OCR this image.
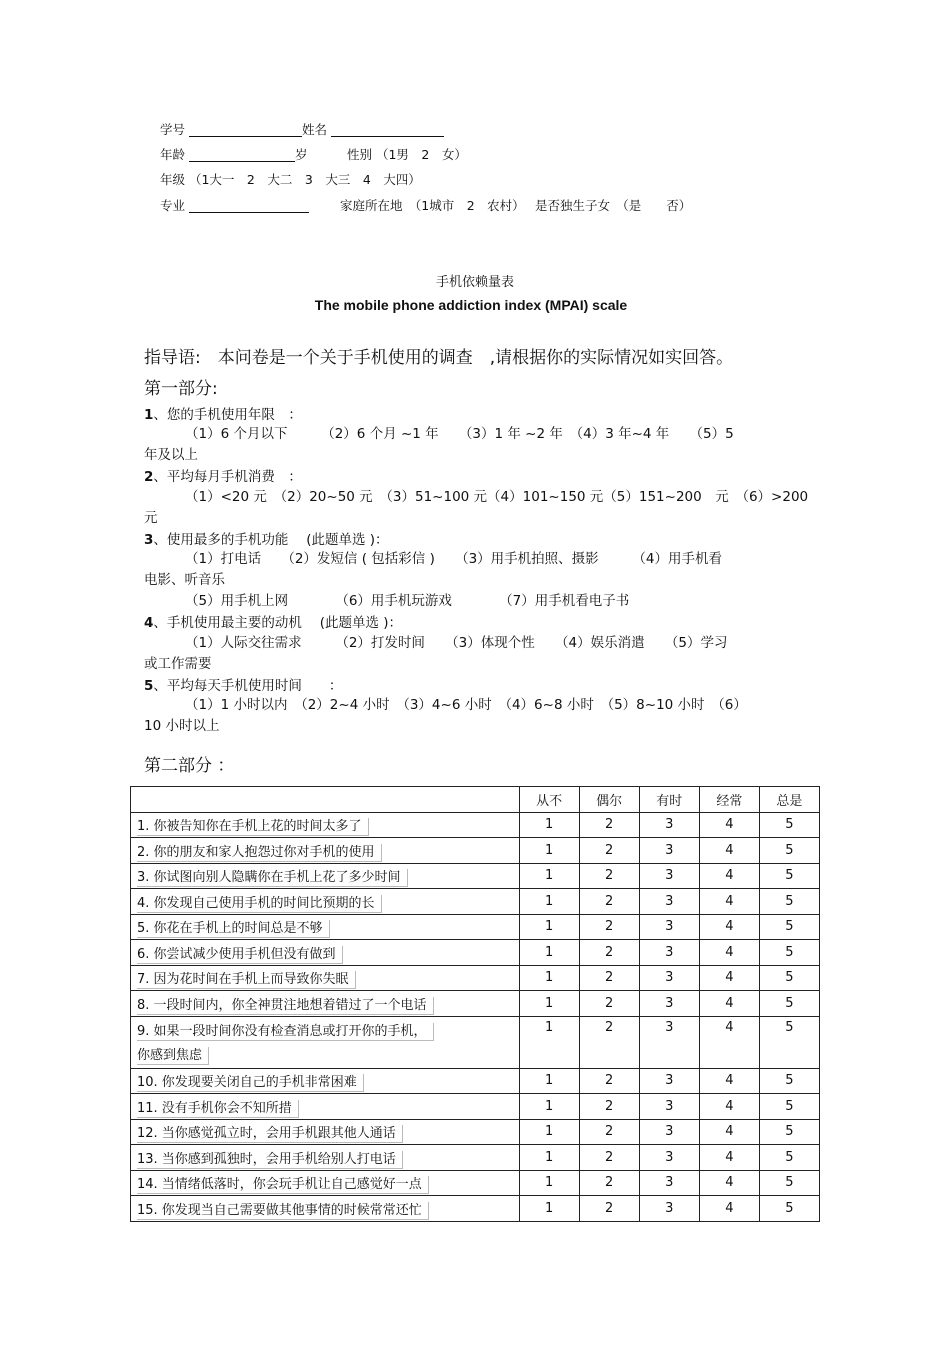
学号	姓名
年龄	岁	性别 （1男　2　女）
年级 （1大一　2　大二　3　大三　4　大四）
专业	家庭所在地　（1城市　2　农村） 是否独生子女　（是　　否）
手机依赖量表
The mobile phone addiction index (MPAI) scale
指导语:　本问卷是一个关于手机使用的调查　,请根据你的实际情况如实回答。
第一部分:
1、您的手机使用年限　：
（1）6 个月以下　　　（2）6 个月 ~1 年　　（3）1 年 ~2 年　（4）3 年~4 年　　（5）5
年及以上
2、平均每月手机消费　：
（1）<20 元　（2）20~50 元　（3）51~100 元（4）101~150 元（5）151~200　元　（6）>200
元
3、使用最多的手机功能　 (此题单选 )：
（1）打电话　　（2）发短信 ( 包括彩信 )　　（3）用手机拍照、摄影　　　（4）用手机看
电影、听音乐
（5）用手机上网　　　　（6）用手机玩游戏　　　　（7）用手机看电子书
4、手机使用最主要的动机　 (此题单选 )：
（1）人际交往需求　　　（2）打发时间　　（3）体现个性　　（4）娱乐消遣　　（5）学习
或工作需要
5、平均每天手机使用时间　　：
（1）1 小时以内　（2）2~4 小时　（3）4~6 小时　（4）6~8 小时　（5）8~10 小时　（6）
10 小时以上
第二部分 ：
	从不	偶尔	有时	经常	总是
1. 你被告知你在手机上花的时间太多了	1	2	3	4	5
2. 你的朋友和家人抱怨过你对手机的使用	1	2	3	4	5
3. 你试图向别人隐瞒你在手机上花了多少时间	1	2	3	4	5
4. 你发现自己使用手机的时间比预期的长	1	2	3	4	5
5. 你花在手机上的时间总是不够	1	2	3	4	5
6. 你尝试减少使用手机但没有做到	1	2	3	4	5
7. 因为花时间在手机上而导致你失眠	1	2	3	4	5
8. 一段时间内，你全神贯注地想着错过了一个电话	1	2	3	4	5
9. 如果一段时间你没有检查消息或打开你的手机，
你感到焦虑	1	2	3	4	5
10. 你发现要关闭自己的手机非常困难	1	2	3	4	5
11. 没有手机你会不知所措	1	2	3	4	5
12. 当你感觉孤立时，会用手机跟其他人通话	1	2	3	4	5
13. 当你感到孤独时，会用手机给别人打电话	1	2	3	4	5
14. 当情绪低落时，你会玩手机让自己感觉好一点	1	2	3	4	5
15. 你发现当自己需要做其他事情的时候常常还忙	1	2	3	4	5
